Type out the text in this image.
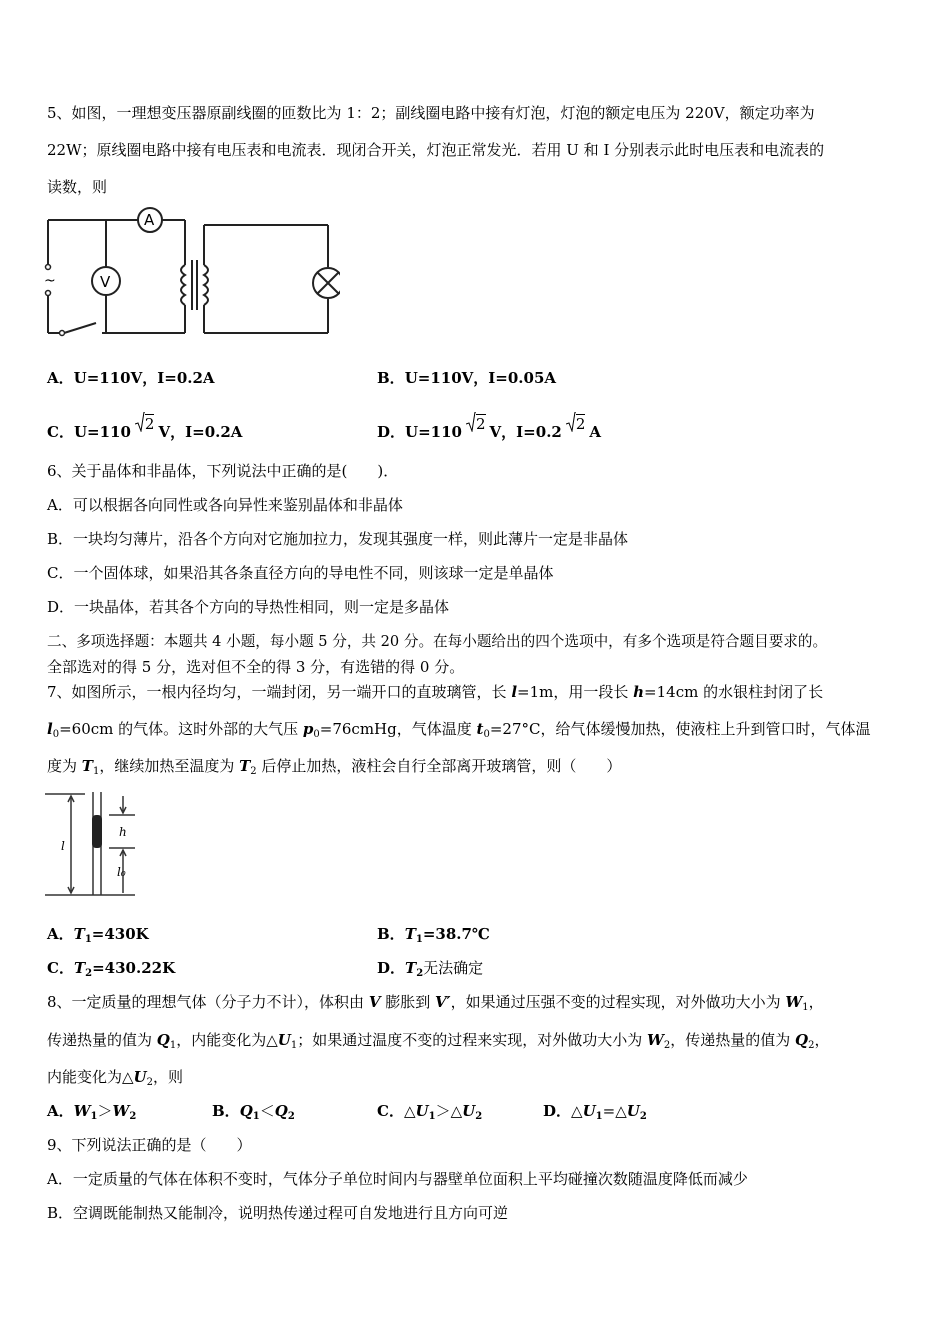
5、如图，一理想变压器原副线圈的匝数比为 1：2；副线圈电路中接有灯泡，灯泡的额定电压为 220V，额定功率为
22W；原线圈电路中接有电压表和电流表．现闭合开关，灯泡正常发光．若用 U 和 I 分别表示此时电压表和电流表的
读数，则
~
A
V
A．U=110V，I=0.2A	B．U=110V，I=0.05A
C．U=110 2 V，I=0.2A	D．U=110 2 V，I=0.2 2 A
6、关于晶体和非晶体，下列说法中正确的是(　　)．
A．可以根据各向同性或各向异性来鉴别晶体和非晶体
B．一块均匀薄片，沿各个方向对它施加拉力，发现其强度一样，则此薄片一定是非晶体
C．一个固体球，如果沿其各条直径方向的导电性不同，则该球一定是单晶体
D．一块晶体，若其各个方向的导热性相同，则一定是多晶体
二、多项选择题：本题共 4 小题，每小题 5 分，共 20 分。在每小题给出的四个选项中，有多个选项是符合题目要求的。
全部选对的得 5 分，选对但不全的得 3 分，有选错的得 0 分。
7、如图所示，一根内径均匀，一端封闭，另一端开口的直玻璃管，长 l=1m，用一段长 h=14cm 的水银柱封闭了长
$l_0=60cm$ 的气体。这时外部的大气压 $p_0=76cmHg$，气体温度 $t_0=27^\circ C$，给气体缓慢加热，使液柱上升到管口时，气体温
度为 $T_1$，继续加热至温度为 $T_2$ 后停止加热，液柱会自行全部离开玻璃管，则（　　）
l
h
l₀
A．$T_1=430K$	B．$T_1=38.7℃$
C．$T_2=430.22K$	D．$T_2$无法确定
8、一定质量的理想气体（分子力不计），体积由 V 膨胀到 V′，如果通过压强不变的过程实现，对外做功大小为 $W_1$，
传递热量的值为 $Q_1$，内能变化为$\triangle U_1$；如果通过温度不变的过程来实现，对外做功大小为 $W_2$，传递热量的值为 $Q_2$，
内能变化为$\triangle U_2$，则
A．$W_1>W_2$	B．$Q_1<Q_2$	C．$\triangle U_1>\triangle U_2$	D．$\triangle U_1=\triangle U_2$
9、下列说法正确的是（　　）
A．一定质量的气体在体积不变时，气体分子单位时间内与器壁单位面积上平均碰撞次数随温度降低而减少
B．空调既能制热又能制冷，说明热传递过程可自发地进行且方向可逆
